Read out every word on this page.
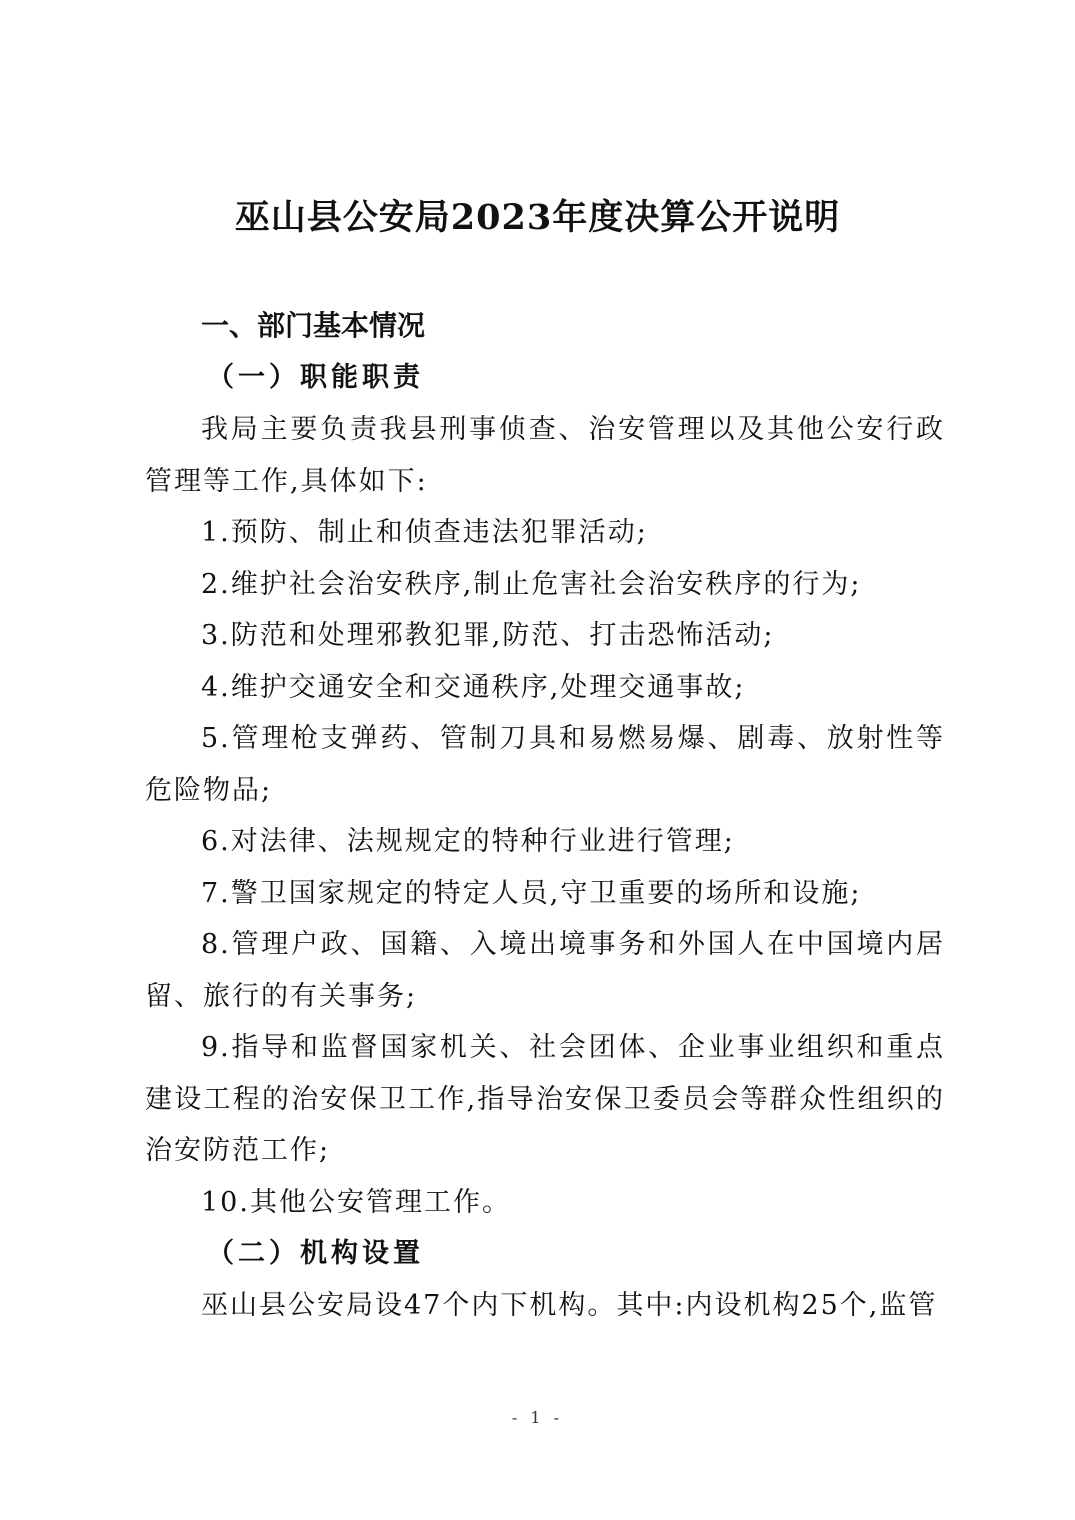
巫山县公安局2023年度决算公开说明
一、部门基本情况
（一）职能职责

我局主要负责我县刑事侦查、治安管理以及其他公安行政管理等工作,具体如下:

1.预防、制止和侦查违法犯罪活动;

2.维护社会治安秩序,制止危害社会治安秩序的行为;

3.防范和处理邪教犯罪,防范、打击恐怖活动;

4.维护交通安全和交通秩序,处理交通事故;

5.管理枪支弹药、管制刀具和易燃易爆、剧毒、放射性等危险物品;

6.对法律、法规规定的特种行业进行管理;

7.警卫国家规定的特定人员,守卫重要的场所和设施;

8.管理户政、国籍、入境出境事务和外国人在中国境内居留、旅行的有关事务;

9.指导和监督国家机关、社会团体、企业事业组织和重点建设工程的治安保卫工作,指导治安保卫委员会等群众性组织的治安防范工作;

10.其他公安管理工作。

（二）机构设置

巫山县公安局设47个内下机构。其中:内设机构25个,监管

- 1 -
